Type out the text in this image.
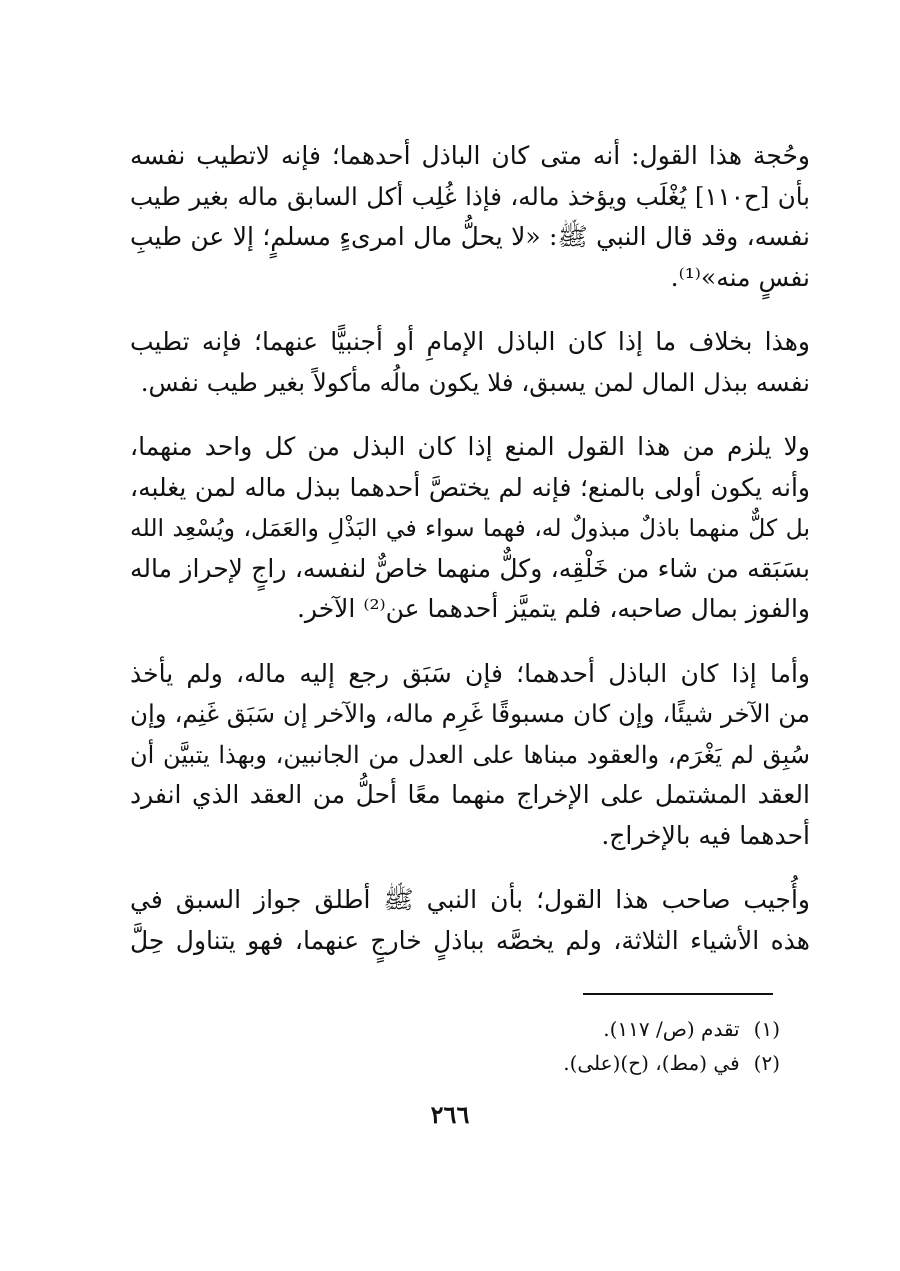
وحُجة هذا القول: أنه متى كان الباذل أحدهما؛ فإنه لاتطيب نفسه
بأن [ح١١٠] يُغْلَب ويؤخذ ماله، فإذا غُلِب أكل السابق ماله بغير طيب
نفسه، وقد قال النبي ﷺ: «لا يحلُّ مال امرىءٍ مسلمٍ؛ إلا عن طيبِ
نفسٍ منه»⁽¹⁾.
وهذا بخلاف ما إذا كان الباذل الإمامِ أو أجنبيًّا عنهما؛ فإنه تطيب
نفسه ببذل المال لمن يسبق، فلا يكون مالُه مأكولاً بغير طيب نفس.
ولا يلزم من هذا القول المنع إذا كان البذل من كل واحد منهما،
وأنه يكون أولى بالمنع؛ فإنه لم يختصَّ أحدهما ببذل ماله لمن يغلبه،
بل كلٌّ منهما باذلٌ مبذولٌ له، فهما سواء في البَذْلِ والعَمَل، ويُسْعِد الله
بسَبَقه من شاء من خَلْقِه، وكلٌّ منهما خاصٌّ لنفسه، راجٍ لإحراز ماله
والفوز بمال صاحبه، فلم يتميَّز أحدهما عن⁽²⁾ الآخر.
وأما إذا كان الباذل أحدهما؛ فإن سَبَق رجع إليه ماله، ولم يأخذ
من الآخر شيئًا، وإن كان مسبوقًا غَرِم ماله، والآخر إن سَبَق غَنِم، وإن
سُبِق لم يَغْرَم، والعقود مبناها على العدل من الجانبين، وبهذا يتبيَّن أن
العقد المشتمل على الإخراج منهما معًا أحلُّ من العقد الذي انفرد
أحدهما فيه بالإخراج.
وأُجيب صاحب هذا القول؛ بأن النبي ﷺ أطلق جواز السبق في
هذه الأشياء الثلاثة، ولم يخصَّه بباذلٍ خارجٍ عنهما، فهو يتناول حِلَّ
(١)تقدم (ص/ ١١٧).
(٢)في (مط)، (ح)(على).
٢٦٦
